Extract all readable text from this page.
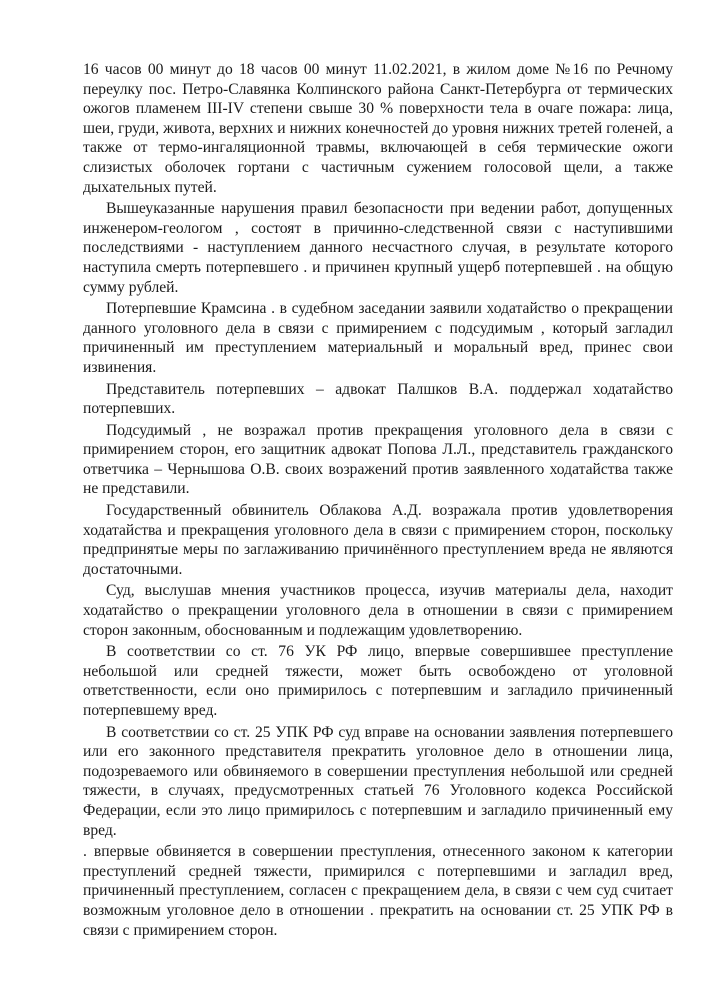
16 часов 00 минут до 18 часов 00 минут 11.02.2021, в жилом доме №16 по Речному переулку пос. Петро-Славянка Колпинского района Санкт-Петербурга от термических ожогов пламенем III-IV степени свыше 30 % поверхности тела в очаге пожара: лица, шеи, груди, живота, верхних и нижних конечностей до уровня нижних третей голеней, а также от термо-ингаляционной травмы, включающей в себя термические ожоги слизистых оболочек гортани с частичным сужением голосовой щели, а также дыхательных путей.

Вышеуказанные нарушения правил безопасности при ведении работ, допущенных инженером-геологом , состоят в причинно-следственной связи с наступившими последствиями - наступлением данного несчастного случая, в результате которого наступила смерть потерпевшего . и причинен крупный ущерб потерпевшей . на общую сумму рублей.

Потерпевшие Крамсина . в судебном заседании заявили ходатайство о прекращении данного уголовного дела в связи с примирением с подсудимым , который загладил причиненный им преступлением материальный и моральный вред, принес свои извинения.

Представитель потерпевших – адвокат Палшков В.А. поддержал ходатайство потерпевших.

Подсудимый , не возражал против прекращения уголовного дела в связи с примирением сторон, его защитник адвокат Попова Л.Л., представитель гражданского ответчика – Чернышова О.В. своих возражений против заявленного ходатайства также не представили.

Государственный обвинитель Облакова А.Д. возражала против удовлетворения ходатайства и прекращения уголовного дела в связи с примирением сторон, поскольку предпринятые меры по заглаживанию причинённого преступлением вреда не являются достаточными.

Суд, выслушав мнения участников процесса, изучив материалы дела, находит ходатайство о прекращении уголовного дела в отношении в связи с примирением сторон законным, обоснованным и подлежащим удовлетворению.

В соответствии со ст. 76 УК РФ лицо, впервые совершившее преступление небольшой или средней тяжести, может быть освобождено от уголовной ответственности, если оно примирилось с потерпевшим и загладило причиненный потерпевшему вред.

В соответствии со ст. 25 УПК РФ суд вправе на основании заявления потерпевшего или его законного представителя прекратить уголовное дело в отношении лица, подозреваемого или обвиняемого в совершении преступления небольшой или средней тяжести, в случаях, предусмотренных статьей 76 Уголовного кодекса Российской Федерации, если это лицо примирилось с потерпевшим и загладило причиненный ему вред.

. впервые обвиняется в совершении преступления, отнесенного законом к категории преступлений средней тяжести, примирился с потерпевшими и загладил вред, причиненный преступлением, согласен с прекращением дела, в связи с чем суд считает возможным уголовное дело в отношении . прекратить на основании ст. 25 УПК РФ в связи с примирением сторон.
